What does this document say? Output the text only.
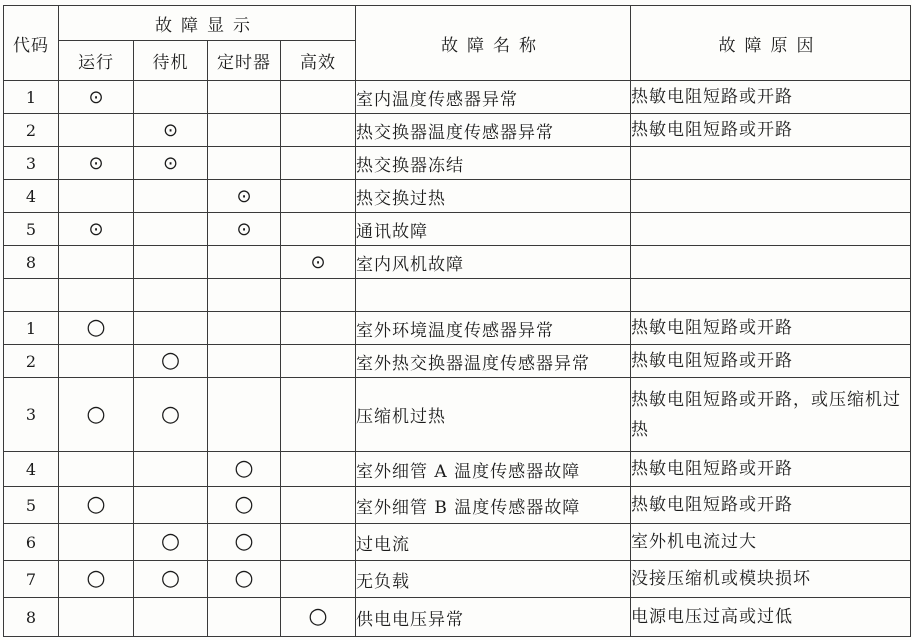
代码	故障显示				故障名称	故障原因
	运行	待机	定时器	高效		
1	⊙				室内温度传感器异常	热敏电阻短路或开路
2		⊙			热交换器温度传感器异常	热敏电阻短路或开路
3	⊙	⊙			热交换器冻结	
4			⊙		热交换过热	
5	⊙		⊙		通讯故障	
8				⊙	室内风机故障	

1	○				室外环境温度传感器异常	热敏电阻短路或开路
2		○			室外热交换器温度传感器异常	热敏电阻短路或开路
3	○	○			压缩机过热	热敏电阻短路或开路，或压缩机过热
4			○		室外细管 A 温度传感器故障	热敏电阻短路或开路
5	○		○		室外细管 B 温度传感器故障	热敏电阻短路或开路
6		○	○		过电流	室外机电流过大
7	○	○	○		无负载	没接压缩机或模块损坏
8				○	供电电压异常	电源电压过高或过低
